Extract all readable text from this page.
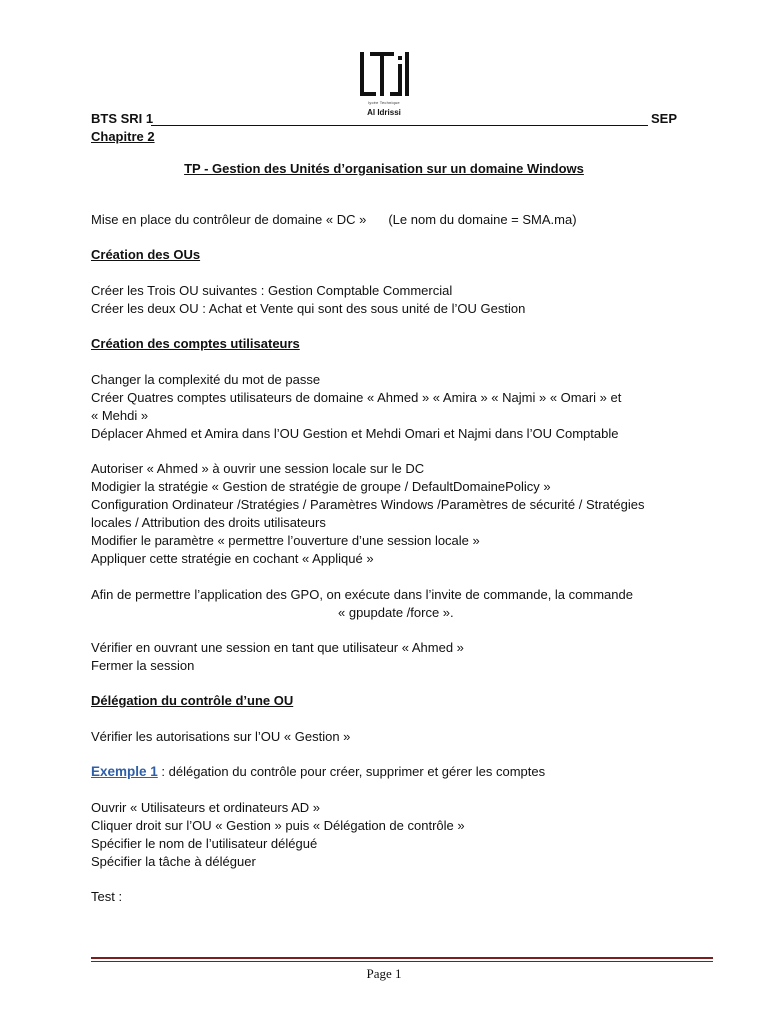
lycée Technique
Al Idrissi
BTS SRI 1	SEP
Chapitre 2
TP - Gestion des Unités d’organisation sur un domaine Windows
Mise en place du contrôleur de domaine « DC » (Le nom du domaine = SMA.ma)
Création des OUs
Créer les Trois OU suivantes : Gestion Comptable Commercial
Créer les deux OU : Achat et Vente qui sont des sous unité de l’OU Gestion
Création des comptes utilisateurs
Changer la complexité du mot de passe
Créer Quatres comptes utilisateurs de domaine « Ahmed » « Amira » « Najmi » « Omari » et
« Mehdi »
Déplacer Ahmed et Amira dans l’OU Gestion et Mehdi Omari et Najmi dans l’OU Comptable
Autoriser « Ahmed » à ouvrir une session locale sur le DC
Modigier la stratégie « Gestion de stratégie de groupe / DefaultDomainePolicy »
Configuration Ordinateur /Stratégies / Paramètres Windows /Paramètres de sécurité / Stratégies
locales / Attribution des droits utilisateurs
Modifier le paramètre « permettre l’ouverture d’une session locale »
Appliquer cette stratégie en cochant « Appliqué »
Afin de permettre l’application des GPO, on exécute dans l’invite de commande, la commande
« gpupdate /force ».
Vérifier en ouvrant une session en tant que utilisateur « Ahmed »
Fermer la session
Délégation du contrôle d’une OU
Vérifier les autorisations sur l’OU « Gestion »
Exemple 1 : délégation du contrôle pour créer, supprimer et gérer les comptes
Ouvrir « Utilisateurs et ordinateurs AD »
Cliquer droit sur l’OU « Gestion » puis « Délégation de contrôle »
Spécifier le nom de l’utilisateur délégué
Spécifier la tâche à déléguer
Test :
Page 1
